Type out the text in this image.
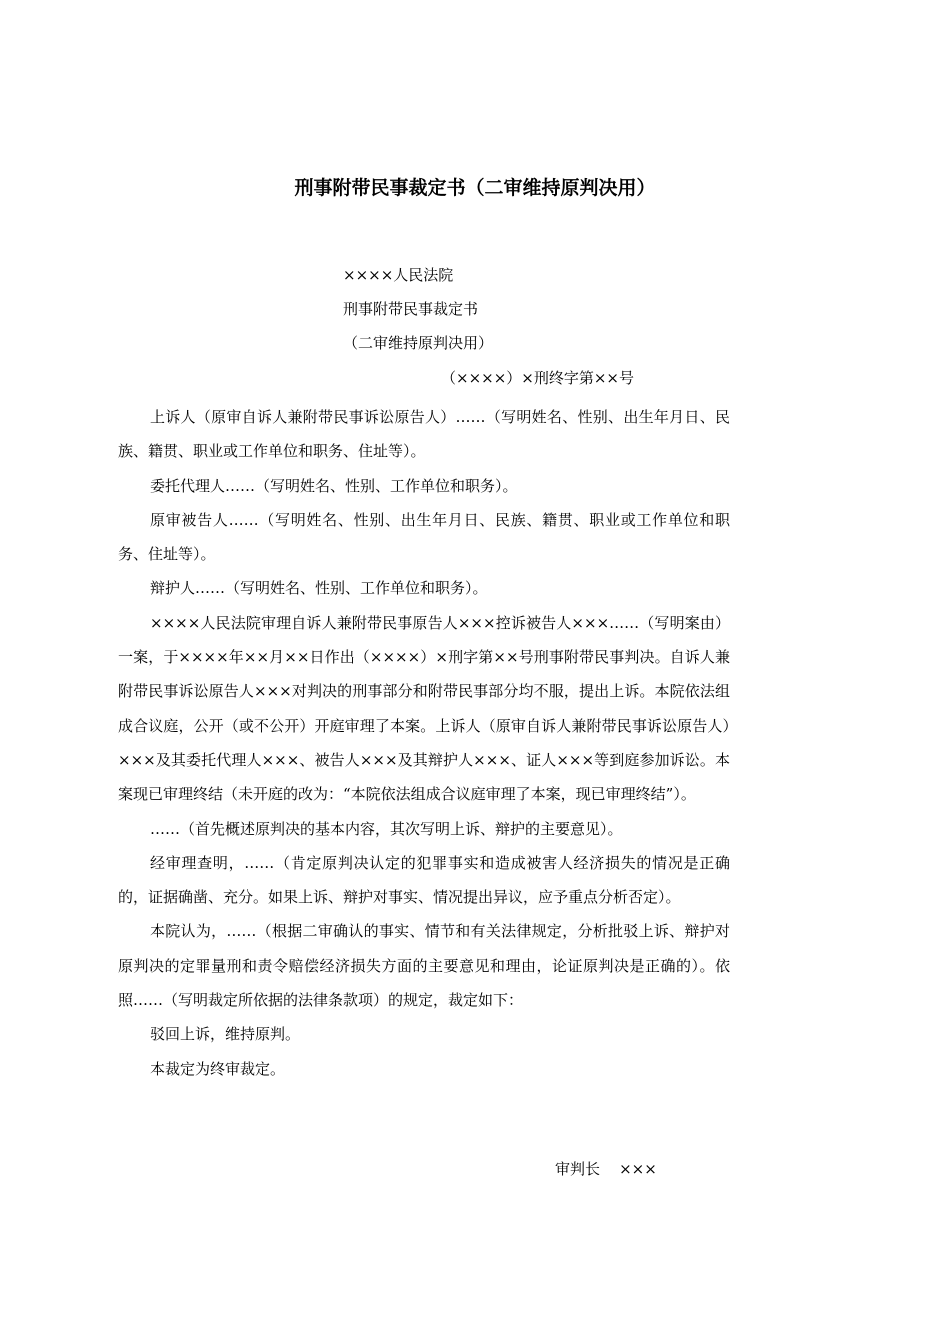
刑事附带民事裁定书（二审维持原判决用）
××××人民法院
刑事附带民事裁定书
（二审维持原判决用）
（××××）×刑终字第××号

上诉人（原审自诉人兼附带民事诉讼原告人）……（写明姓名、性别、出生年月日、民族、籍贯、职业或工作单位和职务、住址等）。

委托代理人……（写明姓名、性别、工作单位和职务）。

原审被告人……（写明姓名、性别、出生年月日、民族、籍贯、职业或工作单位和职务、住址等）。

辩护人……（写明姓名、性别、工作单位和职务）。

××××人民法院审理自诉人兼附带民事原告人×××控诉被告人×××……（写明案由）一案，于××××年××月××日作出（××××）×刑字第××号刑事附带民事判决。自诉人兼附带民事诉讼原告人×××对判决的刑事部分和附带民事部分均不服，提出上诉。本院依法组成合议庭，公开（或不公开）开庭审理了本案。上诉人（原审自诉人兼附带民事诉讼原告人）×××及其委托代理人×××、被告人×××及其辩护人×××、证人×××等到庭参加诉讼。本案现已审理终结（未开庭的改为：“本院依法组成合议庭审理了本案，现已审理终结”）。

……（首先概述原判决的基本内容，其次写明上诉、辩护的主要意见）。

经审理查明，……（肯定原判决认定的犯罪事实和造成被害人经济损失的情况是正确的，证据确凿、充分。如果上诉、辩护对事实、情况提出异议，应予重点分析否定）。

本院认为，……（根据二审确认的事实、情节和有关法律规定，分析批驳上诉、辩护对原判决的定罪量刑和责令赔偿经济损失方面的主要意见和理由，论证原判决是正确的）。依照……（写明裁定所依据的法律条款项）的规定，裁定如下：

驳回上诉，维持原判。

本裁定为终审裁定。

审判长 ×××
